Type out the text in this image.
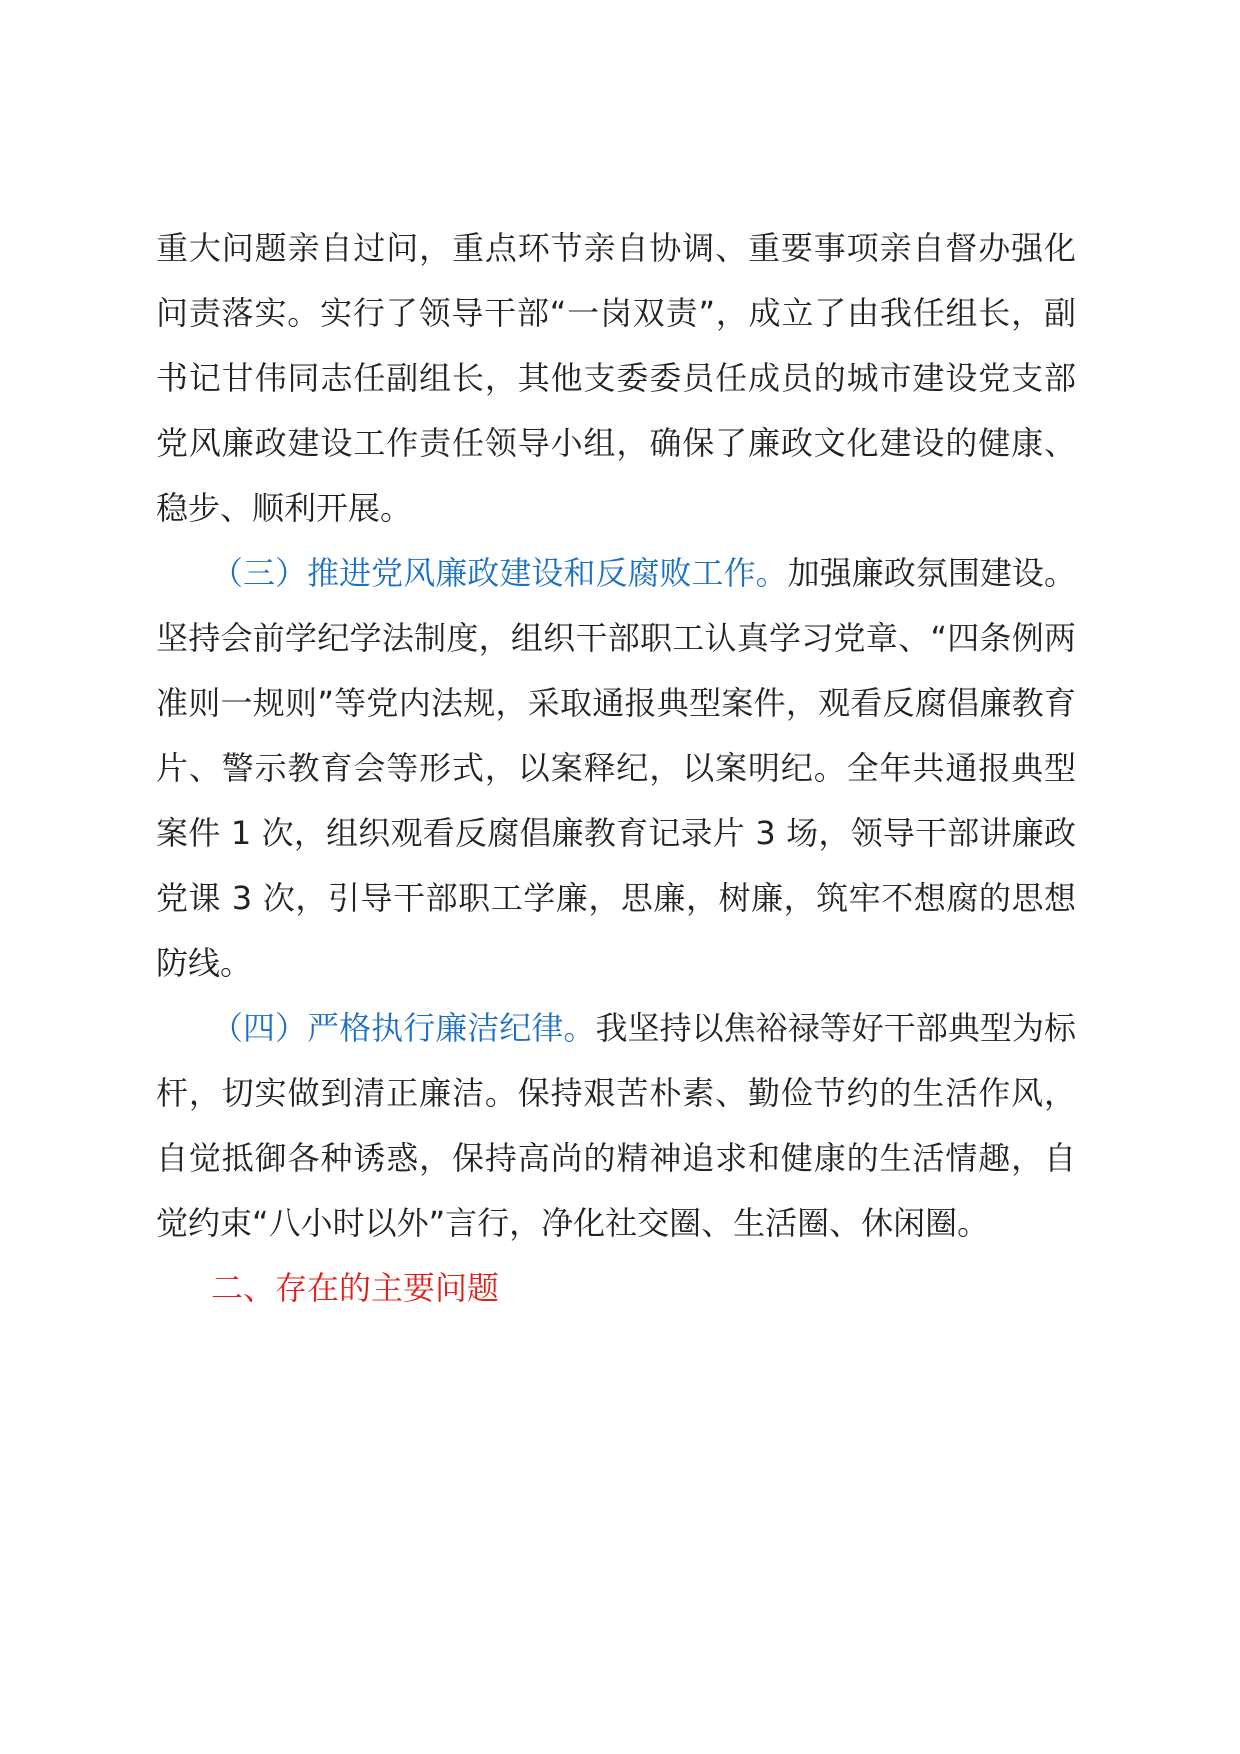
重大问题亲自过问，重点环节亲自协调、重要事项亲自督办强化问责落实。实行了领导干部“一岗双责”，成立了由我任组长，副书记甘伟同志任副组长，其他支委委员任成员的城市建设党支部党风廉政建设工作责任领导小组，确保了廉政文化建设的健康、稳步、顺利开展。

（三）推进党风廉政建设和反腐败工作。加强廉政氛围建设。坚持会前学纪学法制度，组织干部职工认真学习党章、“四条例两准则一规则”等党内法规，采取通报典型案件，观看反腐倡廉教育片、警示教育会等形式，以案释纪，以案明纪。全年共通报典型案件 1 次，组织观看反腐倡廉教育记录片 3 场，领导干部讲廉政党课 3 次，引导干部职工学廉，思廉，树廉，筑牢不想腐的思想防线。

（四）严格执行廉洁纪律。我坚持以焦裕禄等好干部典型为标杆，切实做到清正廉洁。保持艰苦朴素、勤俭节约的生活作风，自觉抵御各种诱惑，保持高尚的精神追求和健康的生活情趣，自觉约束“八小时以外”言行，净化社交圈、生活圈、休闲圈。

二、存在的主要问题
